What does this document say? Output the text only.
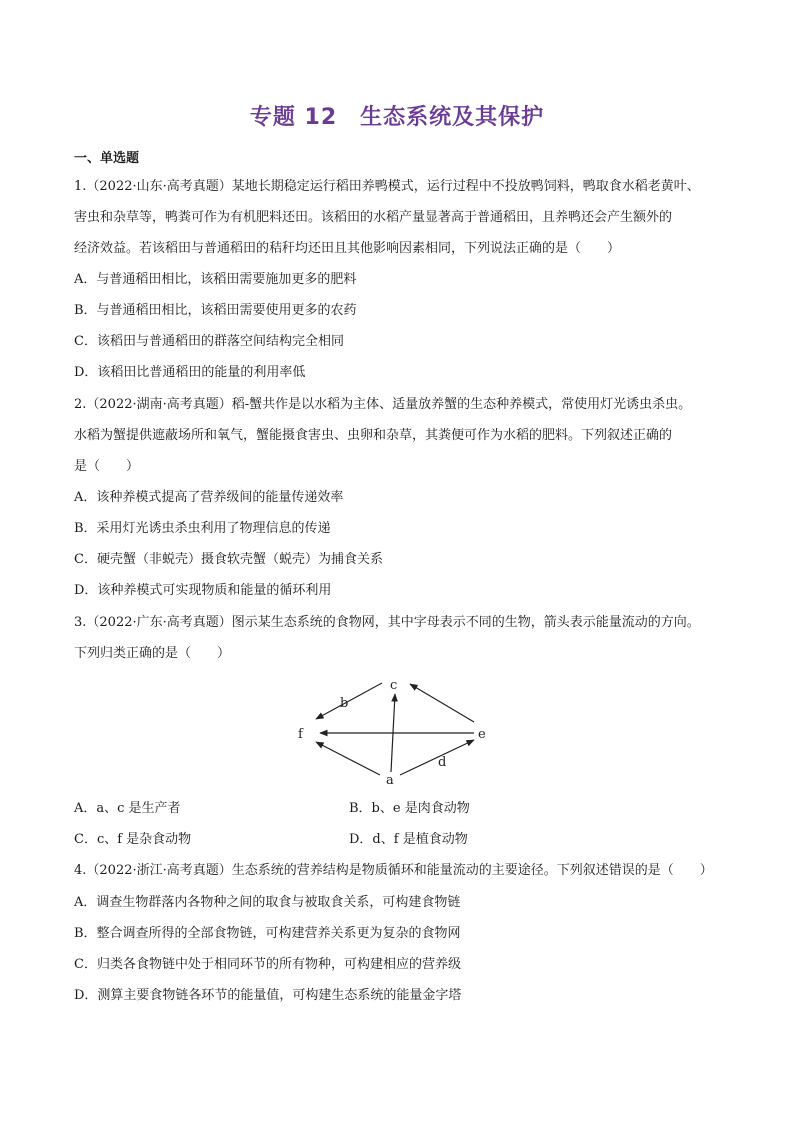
专题 12　生态系统及其保护
一、单选题
1.（2022·山东·高考真题）某地长期稳定运行稻田养鸭模式，运行过程中不投放鸭饲料，鸭取食水稻老黄叶、
害虫和杂草等，鸭粪可作为有机肥料还田。该稻田的水稻产量显著高于普通稻田，且养鸭还会产生额外的
经济效益。若该稻田与普通稻田的秸秆均还田且其他影响因素相同，下列说法正确的是（　　）
A．与普通稻田相比，该稻田需要施加更多的肥料
B．与普通稻田相比，该稻田需要使用更多的农药
C．该稻田与普通稻田的群落空间结构完全相同
D．该稻田比普通稻田的能量的利用率低
2.（2022·湖南·高考真题）稻-蟹共作是以水稻为主体、适量放养蟹的生态种养模式，常使用灯光诱虫杀虫。
水稻为蟹提供遮蔽场所和氧气，蟹能摄食害虫、虫卵和杂草，其粪便可作为水稻的肥料。下列叙述正确的
是（　　）
A．该种养模式提高了营养级间的能量传递效率
B．采用灯光诱虫杀虫利用了物理信息的传递
C．硬壳蟹（非蜕壳）摄食软壳蟹（蜕壳）为捕食关系
D．该种养模式可实现物质和能量的循环利用
3.（2022·广东·高考真题）图示某生态系统的食物网，其中字母表示不同的生物，箭头表示能量流动的方向。
下列归类正确的是（　　）
c
b
f	e
a
d
A．a、c 是生产者	B．b、e 是肉食动物
C．c、f 是杂食动物	D．d、f 是植食动物
4.（2022·浙江·高考真题）生态系统的营养结构是物质循环和能量流动的主要途径。下列叙述错误的是（　　）
A．调查生物群落内各物种之间的取食与被取食关系，可构建食物链
B．整合调查所得的全部食物链，可构建营养关系更为复杂的食物网
C．归类各食物链中处于相同环节的所有物种，可构建相应的营养级
D．测算主要食物链各环节的能量值，可构建生态系统的能量金字塔
